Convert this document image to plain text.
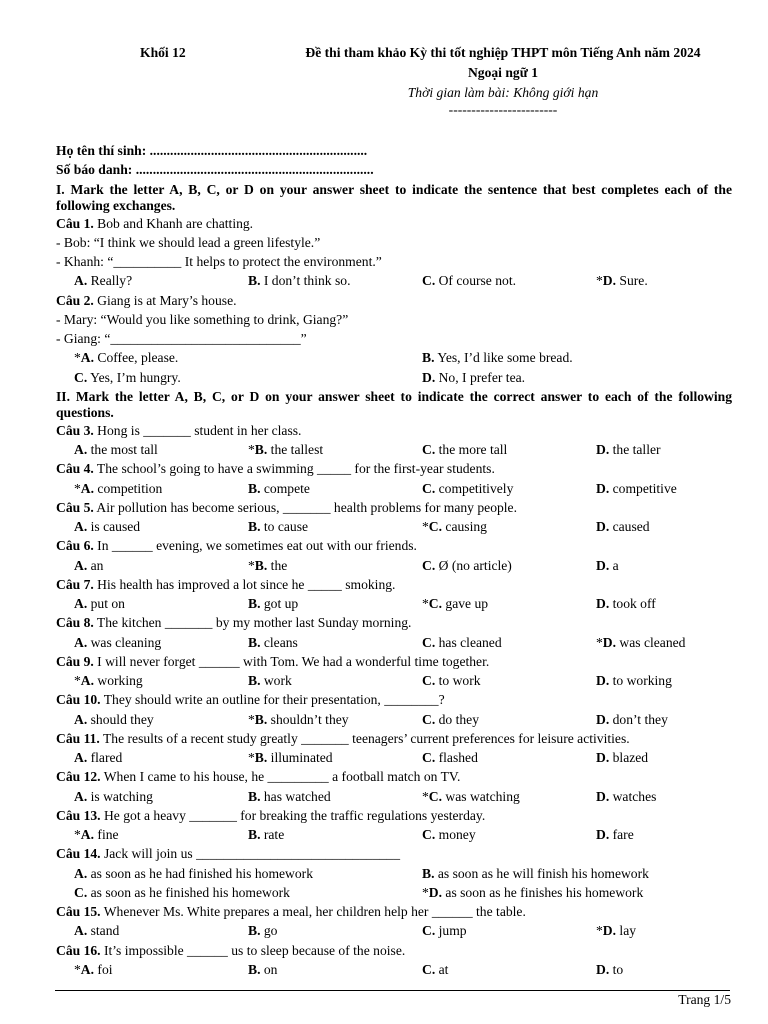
Khối 12	Đề thi tham khảo Kỳ thi tốt nghiệp THPT môn Tiếng Anh năm 2024
Ngoại ngữ 1
Thời gian làm bài: Không giới hạn
------------------------
Họ tên thí sinh: ................................................................
Số báo danh: ......................................................................
I. Mark the letter A, B, C, or D on your answer sheet to indicate the sentence that best completes each of the following exchanges.
Câu 1. Bob and Khanh are chatting.
- Bob: “I think we should lead a green lifestyle.”
- Khanh: “__________ It helps to protect the environment.”
A. Really?	B. I don’t think so.	C. Of course not.	*D. Sure.
Câu 2. Giang is at Mary’s house.
- Mary: “Would you like something to drink, Giang?”
- Giang: “____________________________”
*A. Coffee, please.	B. Yes, I’d like some bread.
C. Yes, I’m hungry.	D. No, I prefer tea.
II. Mark the letter A, B, C, or D on your answer sheet to indicate the correct answer to each of the following questions.
Câu 3. Hong is _______ student in her class.
A. the most tall	*B. the tallest	C. the more tall	D. the taller
Câu 4. The school’s going to have a swimming _____ for the first-year students.
*A. competition	B. compete	C. competitively	D. competitive
Câu 5. Air pollution has become serious, _______ health problems for many people.
A. is caused	B. to cause	*C. causing	D. caused
Câu 6. In ______ evening, we sometimes eat out with our friends.
A. an	*B. the	C. Ø (no article)	D. a
Câu 7. His health has improved a lot since he _____ smoking.
A. put on	B. got up	*C. gave up	D. took off
Câu 8. The kitchen _______ by my mother last Sunday morning.
A. was cleaning	B. cleans	C. has cleaned	*D. was cleaned
Câu 9. I will never forget ______ with Tom. We had a wonderful time together.
*A. working	B. work	C. to work	D. to working
Câu 10. They should write an outline for their presentation, ________?
A. should they	*B. shouldn’t they	C. do they	D. don’t they
Câu 11. The results of a recent study greatly _______ teenagers’ current preferences for leisure activities.
A. flared	*B. illuminated	C. flashed	D. blazed
Câu 12. When I came to his house, he _________ a football match on TV.
A. is watching	B. has watched	*C. was watching	D. watches
Câu 13. He got a heavy _______ for breaking the traffic regulations yesterday.
*A. fine	B. rate	C. money	D. fare
Câu 14. Jack will join us ______________________________
A. as soon as he had finished his homework	B. as soon as he will finish his homework
C. as soon as he finished his homework	*D. as soon as he finishes his homework
Câu 15. Whenever Ms. White prepares a meal, her children help her ______ the table.
A. stand	B. go	C. jump	*D. lay
Câu 16. It’s impossible ______ us to sleep because of the noise.
*A. foi	B. on	C. at	D. to
Trang 1/5
